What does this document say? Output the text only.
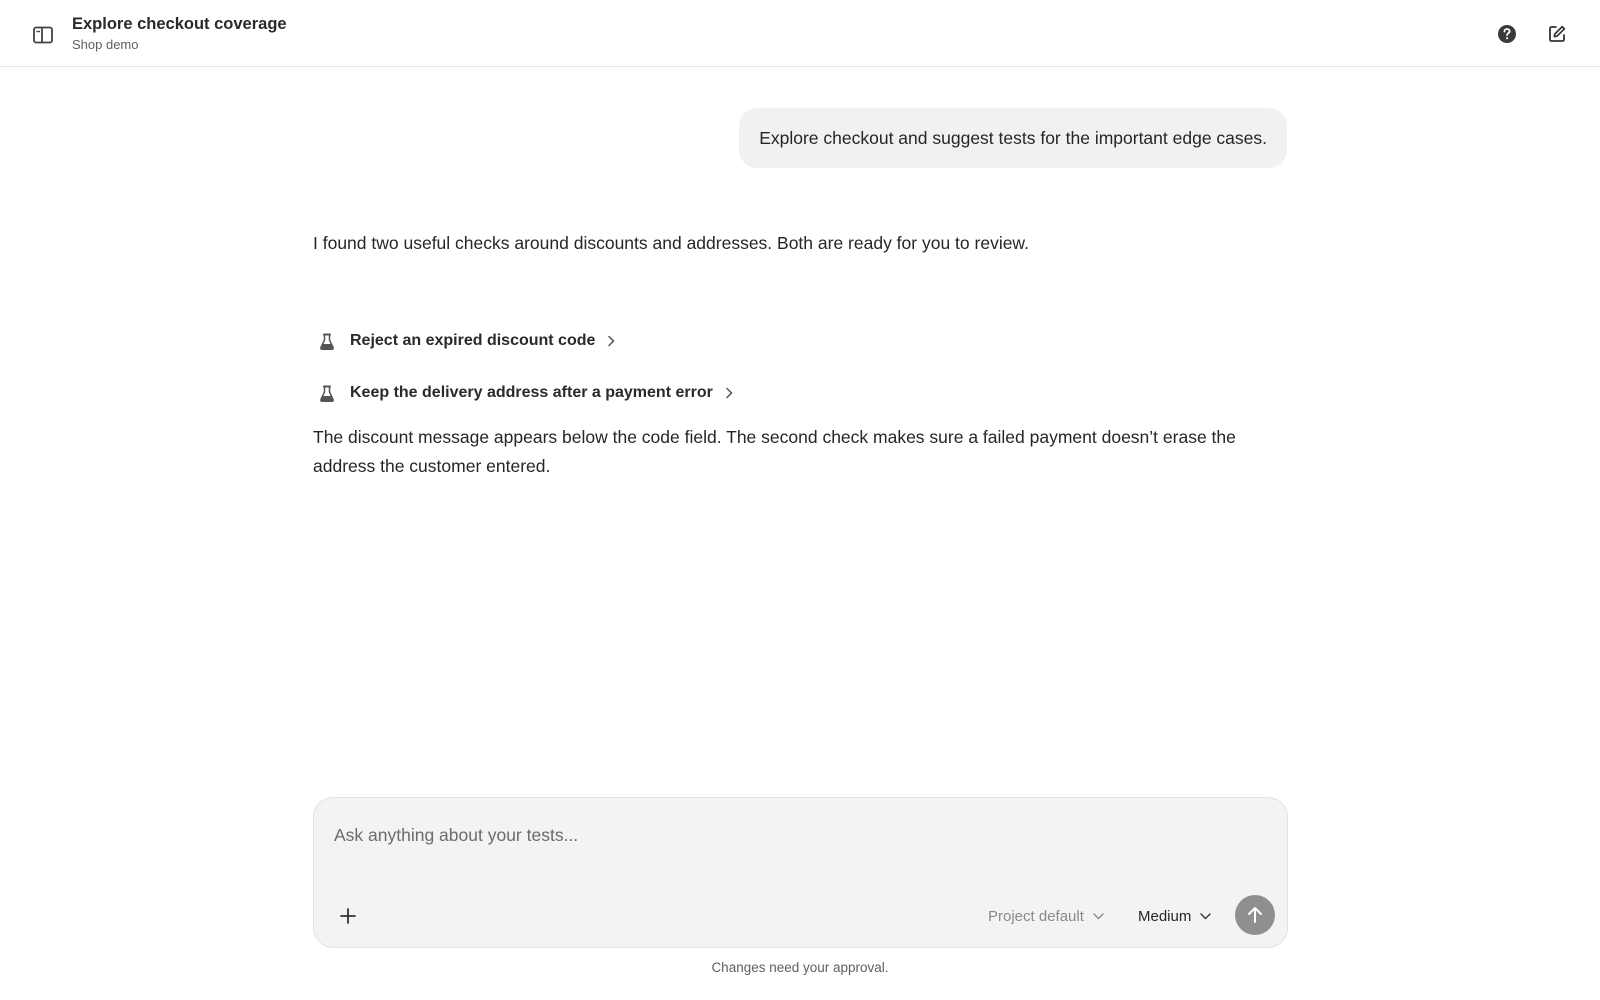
Explore checkout coverage
Shop demo
Explore checkout and suggest tests for the important edge cases.

I found two useful checks around discounts and addresses. Both are ready for you to review.

Reject an expired discount code
Keep the delivery address after a payment error

The discount message appears below the code field. The second check makes sure a failed payment doesn’t erase the address the customer entered.

Ask anything about your tests...
Project default	Medium
Changes need your approval.
